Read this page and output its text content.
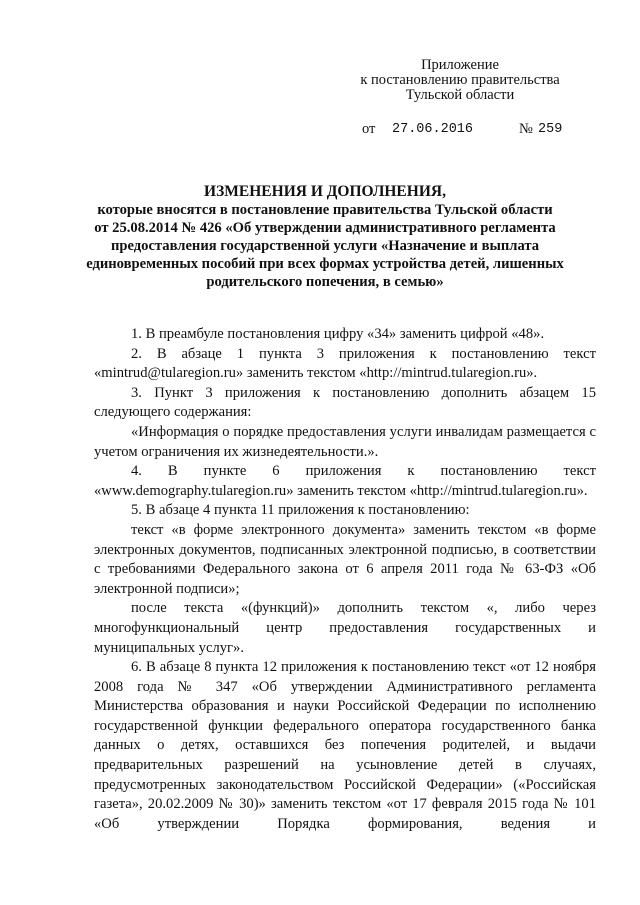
Приложение
к постановлению правительства
Тульской области
от 27.06.2016	№ 259
ИЗМЕНЕНИЯ И ДОПОЛНЕНИЯ,
которые вносятся в постановление правительства Тульской области
от 25.08.2014 № 426 «Об утверждении административного регламента
предоставления государственной услуги «Назначение и выплата
единовременных пособий при всех формах устройства детей, лишенных
родительского попечения, в семью»

1. В преамбуле постановления цифру «34» заменить цифрой «48».

2. В абзаце 1 пункта 3 приложения к постановлению текст «mintrud@tularegion.ru» заменить текстом «http://mintrud.tularegion.ru».

3. Пункт 3 приложения к постановлению дополнить абзацем 15 следующего содержания:

«Информация о порядке предоставления услуги инвалидам размещается с учетом ограничения их жизнедеятельности.».

4. В пункте 6 приложения к постановлению текст «www.demography.tularegion.ru» заменить текстом «http://mintrud.tularegion.ru».

5. В абзаце 4 пункта 11 приложения к постановлению:

текст «в форме электронного документа» заменить текстом «в форме электронных документов, подписанных электронной подписью, в соответствии с требованиями Федерального закона от 6 апреля 2011 года № 63-ФЗ «Об электронной подписи»;

после текста «(функций)» дополнить текстом «, либо через многофункциональный центр предоставления государственных и муниципальных услуг».

6. В абзаце 8 пункта 12 приложения к постановлению текст «от 12 ноября 2008 года № 347 «Об утверждении Административного регламента Министерства образования и науки Российской Федерации по исполнению государственной функции федерального оператора государственного банка данных о детях, оставшихся без попечения родителей, и выдачи предварительных разрешений на усыновление детей в случаях, предусмотренных законодательством Российской Федерации» («Российская газета», 20.02.2009 № 30)» заменить текстом «от 17 февраля 2015 года № 101 «Об утверждении Порядка формирования, ведения и
